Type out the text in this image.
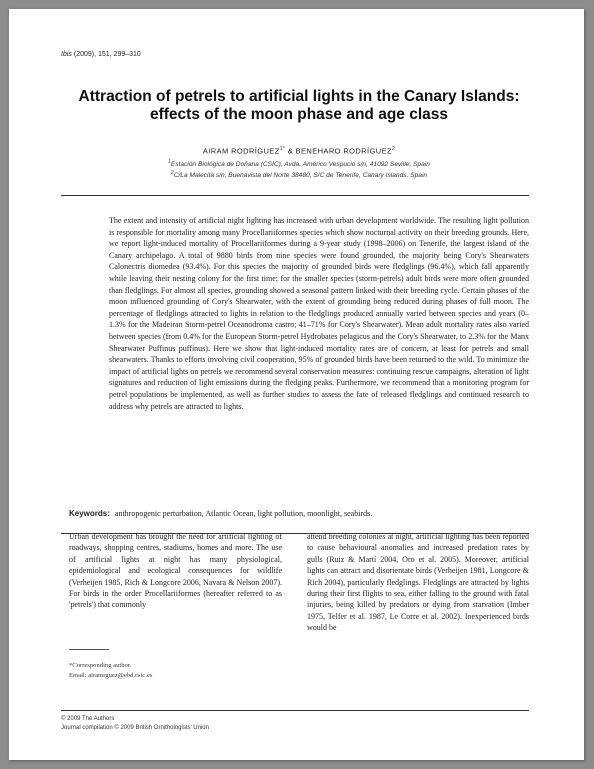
Ibis (2009), 151, 299–310
Attraction of petrels to artificial lights in the Canary Islands: effects of the moon phase and age class
AIRAM $RODRÍGUEZ^{1*}$ & BENEHARO RODRÍGUEZ$^2$
$^1$Estación Biológica de Doñana (CSIC), Avda. Américo Vespucio s/n, 41092 Seville, Spain
$^2$C/La Malecita s/n, Buenavista del Norte 38480, S/C de Tenerife, Canary Islands, Spain

The extent and intensity of artificial night lighting has increased with urban development worldwide. The resulting light pollution is responsible for mortality among many Procellariiformes species which show nocturnal activity on their breeding grounds. Here, we report light-induced mortality of Procellariiformes during a 9-year study (1998–2006) on Tenerife, the largest island of the Canary archipelago. A total of 9880 birds from nine species were found grounded, the majority being Cory's Shearwaters Calonectris diomedea (93.4%). For this species the majority of grounded birds were fledglings (96.4%), which fall apparently while leaving their nesting colony for the first time; for the smaller species (storm-petrels) adult birds were more often grounded than fledglings. For almost all species, grounding showed a seasonal pattern linked with their breeding cycle. Certain phases of the moon influenced grounding of Cory's Shearwater, with the extent of grounding being reduced during phases of full moon. The percentage of fledglings attracted to lights in relation to the fledglings produced annually varied between species and years (0–1.3% for the Madeiran Storm-petrel Oceanodroma castro; 41–71% for Cory's Shearwater). Mean adult mortality rates also varied between species (from 0.4% for the European Storm-petrel Hydrobates pelagicus and the Cory's Shearwater, to 2.3% for the Manx Shearwater Puffinus puffinus). Here we show that light-induced mortality rates are of concern, at least for petrels and small shearwaters. Thanks to efforts involving civil cooperation, 95% of grounded birds have been returned to the wild. To minimize the impact of artificial lights on petrels we recommend several conservation measures: continuing rescue campaigns, alteration of light signatures and reduction of light emissions during the fledging peaks. Furthermore, we recommend that a monitoring program for petrel populations be implemented, as well as further studies to assess the fate of released fledglings and continued research to address why petrels are attracted to lights.

Keywords: anthropogenic perturbation, Atlantic Ocean, light pollution, moonlight, seabirds.

Urban development has brought the need for artificial lighting of roadways, shopping centres, stadiums, homes and more. The use of artificial lights at night has many physiological, epidemiological and ecological consequences for wildlife (Verheijen 1985, Rich & Longcore 2006, Navara & Nelson 2007). For birds in the order Procellariiformes (hereafter referred to as 'petrels') that commonly

attend breeding colonies at night, artificial lighting has been reported to cause behavioural anomalies and increased predation rates by gulls (Ruiz & Martí 2004, Oro et al. 2005). Moreover, artificial lights can attract and disorientate birds (Verheijen 1981, Longcore & Rich 2004), particularly fledglings. Fledglings are attracted by lights during their first flights to sea, either falling to the ground with fatal injuries, being killed by predators or dying from starvation (Imber 1975, Telfer et al. 1987, Le Corre et al. 2002). Inexperienced birds would be

*Corresponding author.
Email: airamrguez@ebd.csic.es
© 2009 The Authors
Journal compilation © 2009 British Ornithologists' Union
